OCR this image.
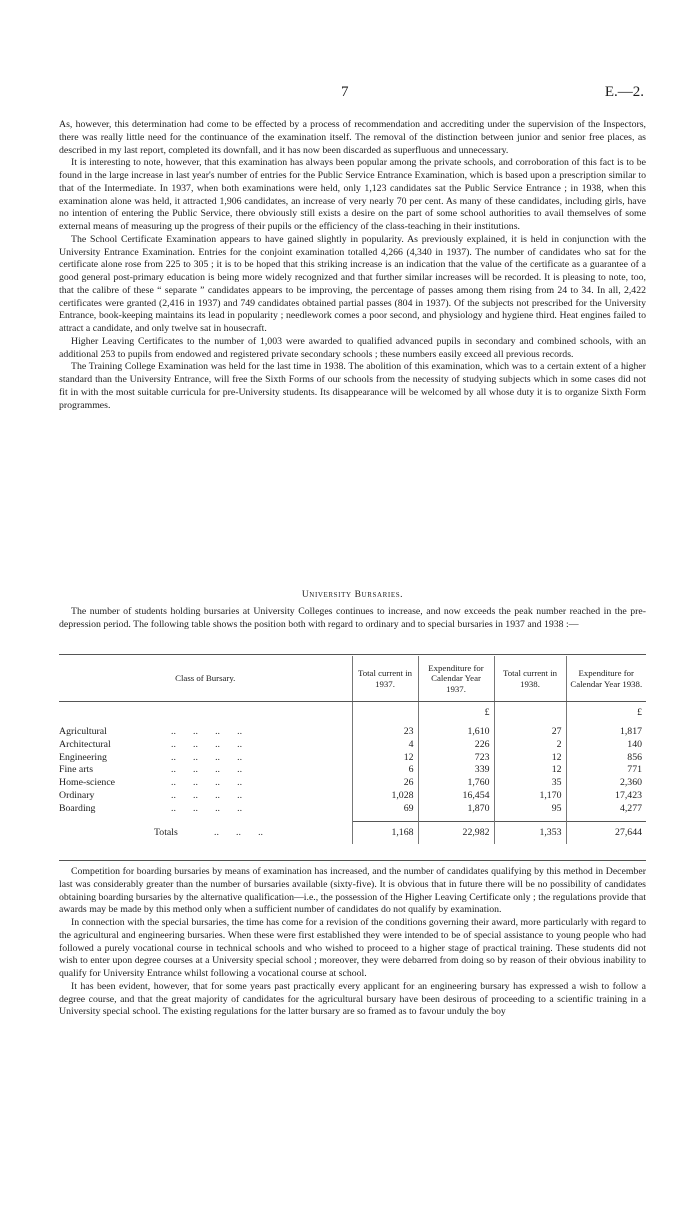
7	E.—2.

As, however, this determination had come to be effected by a process of recommendation and accrediting under the supervision of the Inspectors, there was really little need for the continuance of the examination itself. The removal of the distinction between junior and senior free places, as described in my last report, completed its downfall, and it has now been discarded as superfluous and unnecessary.

It is interesting to note, however, that this examination has always been popular among the private schools, and corroboration of this fact is to be found in the large increase in last year's number of entries for the Public Service Entrance Examination, which is based upon a prescription similar to that of the Intermediate. In 1937, when both examinations were held, only 1,123 candidates sat the Public Service Entrance ; in 1938, when this examination alone was held, it attracted 1,906 candidates, an increase of very nearly 70 per cent. As many of these candidates, including girls, have no intention of entering the Public Service, there obviously still exists a desire on the part of some school authorities to avail themselves of some external means of measuring up the progress of their pupils or the efficiency of the class-teaching in their institutions.

The School Certificate Examination appears to have gained slightly in popularity. As previously explained, it is held in conjunction with the University Entrance Examination. Entries for the conjoint examination totalled 4,266 (4,340 in 1937). The number of candidates who sat for the certificate alone rose from 225 to 305 ; it is to be hoped that this striking increase is an indication that the value of the certificate as a guarantee of a good general post-primary education is being more widely recognized and that further similar increases will be recorded. It is pleasing to note, too, that the calibre of these “ separate ” candidates appears to be improving, the percentage of passes among them rising from 24 to 34. In all, 2,422 certificates were granted (2,416 in 1937) and 749 candidates obtained partial passes (804 in 1937). Of the subjects not prescribed for the University Entrance, book-keeping maintains its lead in popularity ; needlework comes a poor second, and physiology and hygiene third. Heat engines failed to attract a candidate, and only twelve sat in housecraft.

Higher Leaving Certificates to the number of 1,003 were awarded to qualified advanced pupils in secondary and combined schools, with an additional 253 to pupils from endowed and registered private secondary schools ; these numbers easily exceed all previous records.

The Training College Examination was held for the last time in 1938. The abolition of this examination, which was to a certain extent of a higher standard than the University Entrance, will free the Sixth Forms of our schools from the necessity of studying subjects which in some cases did not fit in with the most suitable curricula for pre-University students. Its disappearance will be welcomed by all whose duty it is to organize Sixth Form programmes.

University Bursaries.

The number of students holding bursaries at University Colleges continues to increase, and now exceeds the peak number reached in the pre-depression period. The following table shows the position both with regard to ordinary and to special bursaries in 1937 and 1938 :—

Class of Bursary.	Total current in 1937.	Expenditure for Calendar Year 1937.	Total current in 1938.	Expenditure for Calendar Year 1938.
		£		£

Agricultural ..       ..       ..       ..	23	1,610	27	1,817
Architectural ..       ..       ..       ..	4	226	2	140
Engineering ..       ..       ..       ..	12	723	12	856
Fine arts ..       ..       ..       ..	6	339	12	771
Home-science ..       ..       ..       ..	26	1,760	35	2,360
Ordinary ..       ..       ..       ..	1,028	16,454	1,170	17,423
Boarding ..       ..       ..       ..	69	1,870	95	4,277

Totals ..       ..       ..	1,168	22,982	1,353	27,644

Competition for boarding bursaries by means of examination has increased, and the number of candidates qualifying by this method in December last was considerably greater than the number of bursaries available (sixty-five). It is obvious that in future there will be no possibility of candidates obtaining boarding bursaries by the alternative qualification—i.e., the possession of the Higher Leaving Certificate only ; the regulations provide that awards may be made by this method only when a sufficient number of candidates do not qualify by examination.

In connection with the special bursaries, the time has come for a revision of the conditions governing their award, more particularly with regard to the agricultural and engineering bursaries. When these were first established they were intended to be of special assistance to young people who had followed a purely vocational course in technical schools and who wished to proceed to a higher stage of practical training. These students did not wish to enter upon degree courses at a University special school ; moreover, they were debarred from doing so by reason of their obvious inability to qualify for University Entrance whilst following a vocational course at school.

It has been evident, however, that for some years past practically every applicant for an engineering bursary has expressed a wish to follow a degree course, and that the great majority of candidates for the agricultural bursary have been desirous of proceeding to a scientific training in a University special school. The existing regulations for the latter bursary are so framed as to favour unduly the boy
